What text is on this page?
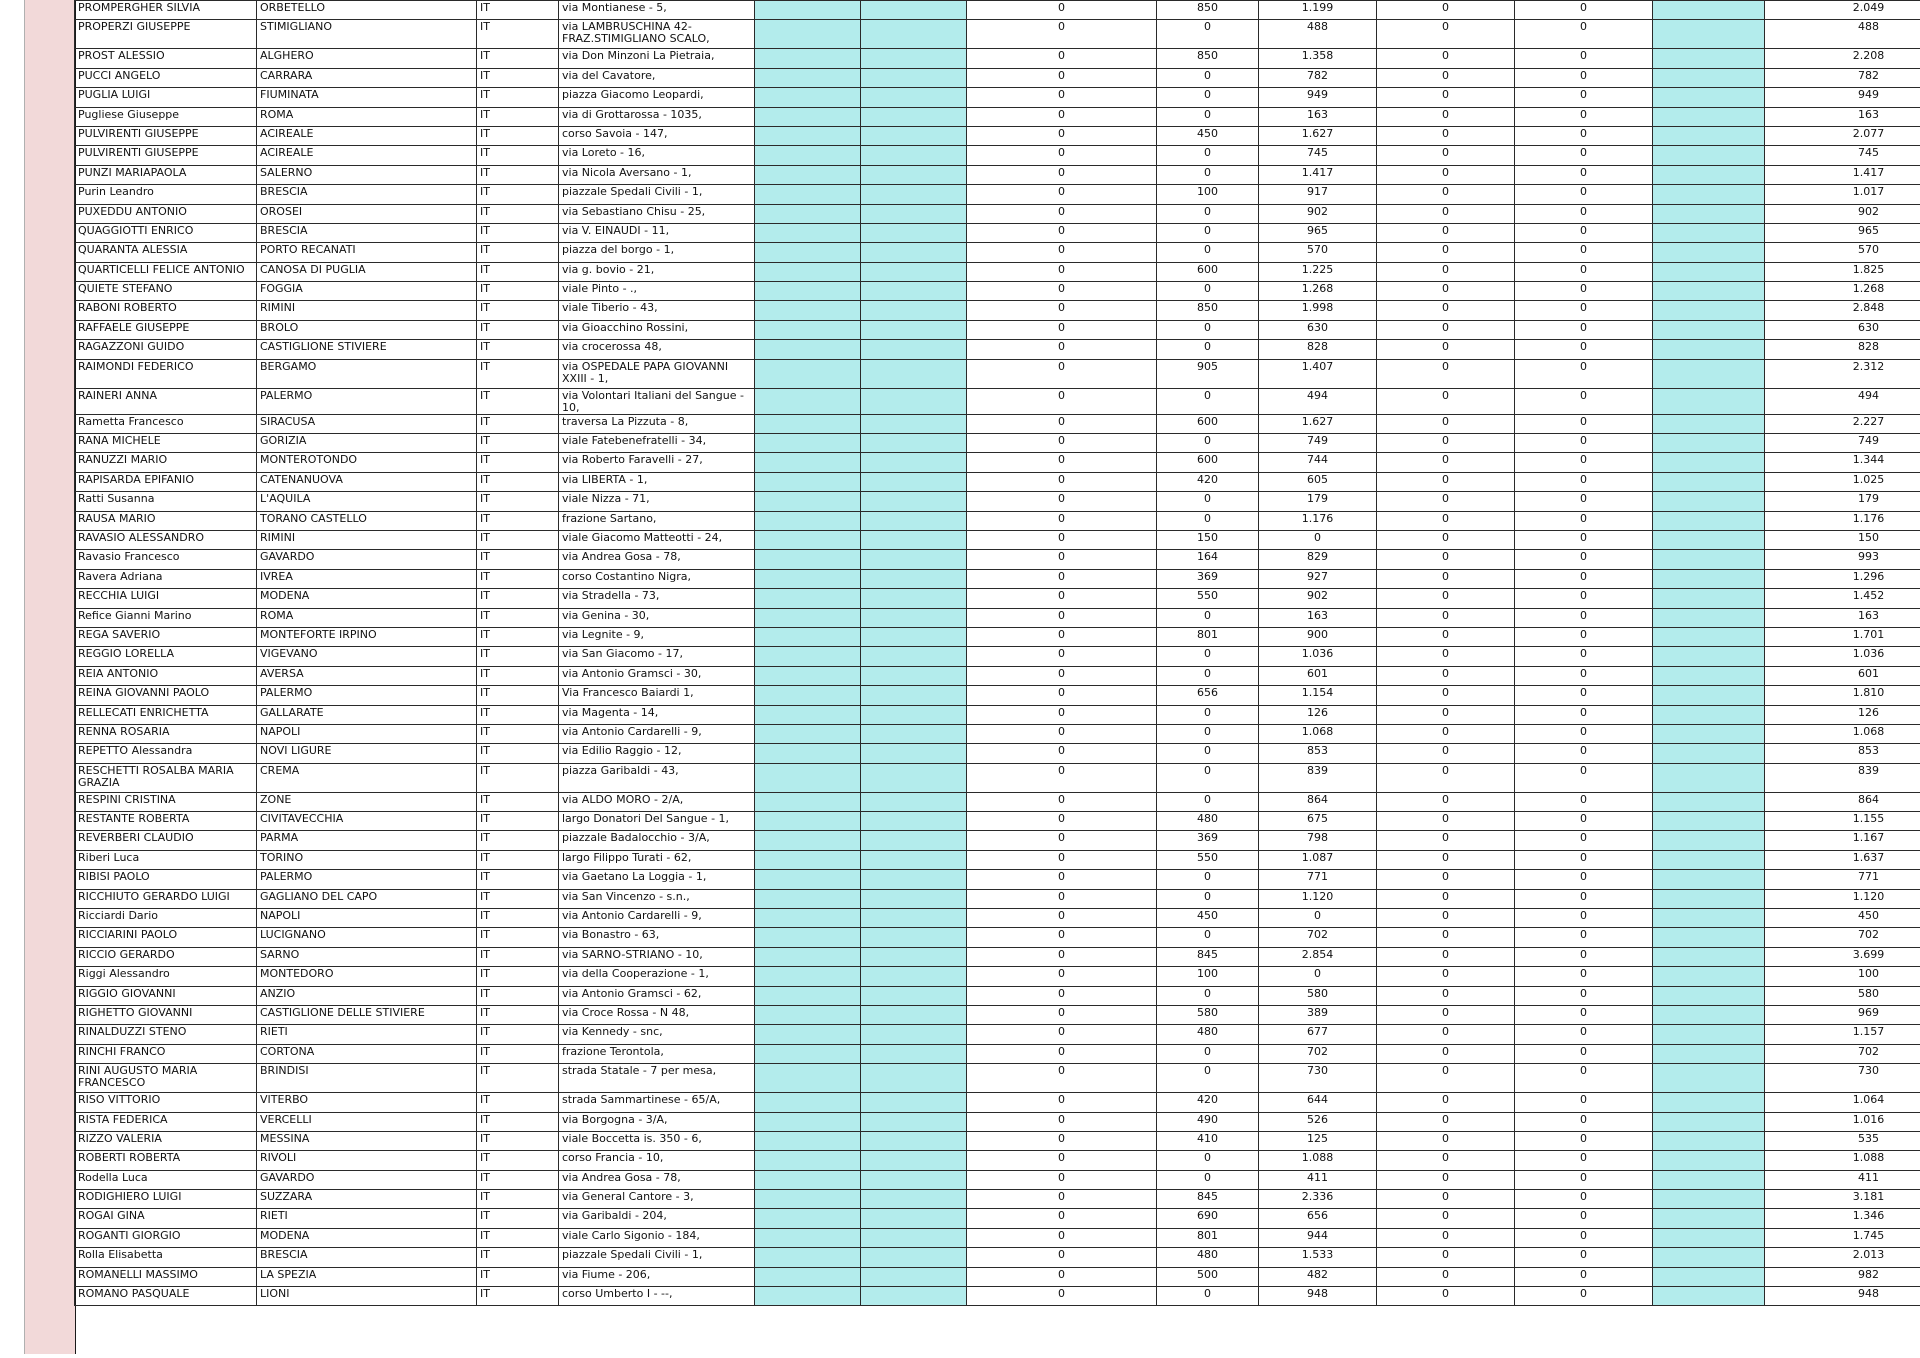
PROMPERGHER SILVIA	ORBETELLO	IT	via Montianese - 5,			0	850	1.199	0	0		2.049
PROPERZI GIUSEPPE	STIMIGLIANO	IT	via LAMBRUSCHINA 42- FRAZ.STIMIGLIANO SCALO,			0	0	488	0	0		488
PROST ALESSIO	ALGHERO	IT	via Don Minzoni La Pietraia,			0	850	1.358	0	0		2.208
PUCCI ANGELO	CARRARA	IT	via del Cavatore,			0	0	782	0	0		782
PUGLIA LUIGI	FIUMINATA	IT	piazza Giacomo Leopardi,			0	0	949	0	0		949
Pugliese Giuseppe	ROMA	IT	via di Grottarossa - 1035,			0	0	163	0	0		163
PULVIRENTI GIUSEPPE	ACIREALE	IT	corso Savoia - 147,			0	450	1.627	0	0		2.077
PULVIRENTI GIUSEPPE	ACIREALE	IT	via Loreto - 16,			0	0	745	0	0		745
PUNZI MARIAPAOLA	SALERNO	IT	via Nicola Aversano - 1,			0	0	1.417	0	0		1.417
Purin Leandro	BRESCIA	IT	piazzale Spedali Civili - 1,			0	100	917	0	0		1.017
PUXEDDU ANTONIO	OROSEI	IT	via Sebastiano Chisu - 25,			0	0	902	0	0		902
QUAGGIOTTI ENRICO	BRESCIA	IT	via V. EINAUDI - 11,			0	0	965	0	0		965
QUARANTA ALESSIA	PORTO RECANATI	IT	piazza del borgo - 1,			0	0	570	0	0		570
QUARTICELLI FELICE ANTONIO	CANOSA DI PUGLIA	IT	via g. bovio - 21,			0	600	1.225	0	0		1.825
QUIETE STEFANO	FOGGIA	IT	viale Pinto - .,			0	0	1.268	0	0		1.268
RABONI ROBERTO	RIMINI	IT	viale Tiberio - 43,			0	850	1.998	0	0		2.848
RAFFAELE GIUSEPPE	BROLO	IT	via Gioacchino Rossini,			0	0	630	0	0		630
RAGAZZONI GUIDO	CASTIGLIONE STIVIERE	IT	via crocerossa 48,			0	0	828	0	0		828
RAIMONDI FEDERICO	BERGAMO	IT	via OSPEDALE PAPA GIOVANNI XXIII - 1,			0	905	1.407	0	0		2.312
RAINERI ANNA	PALERMO	IT	via Volontari Italiani del Sangue - 10,			0	0	494	0	0		494
Rametta Francesco	SIRACUSA	IT	traversa La Pizzuta - 8,			0	600	1.627	0	0		2.227
RANA MICHELE	GORIZIA	IT	viale Fatebenefratelli - 34,			0	0	749	0	0		749
RANUZZI MARIO	MONTEROTONDO	IT	via Roberto Faravelli - 27,			0	600	744	0	0		1.344
RAPISARDA EPIFANIO	CATENANUOVA	IT	via LIBERTA - 1,			0	420	605	0	0		1.025
Ratti Susanna	L'AQUILA	IT	viale Nizza - 71,			0	0	179	0	0		179
RAUSA MARIO	TORANO CASTELLO	IT	frazione Sartano,			0	0	1.176	0	0		1.176
RAVASIO ALESSANDRO	RIMINI	IT	viale Giacomo Matteotti - 24,			0	150	0	0	0		150
Ravasio Francesco	GAVARDO	IT	via Andrea Gosa - 78,			0	164	829	0	0		993
Ravera Adriana	IVREA	IT	corso Costantino Nigra,			0	369	927	0	0		1.296
RECCHIA LUIGI	MODENA	IT	via Stradella - 73,			0	550	902	0	0		1.452
Refice Gianni Marino	ROMA	IT	via Genina - 30,			0	0	163	0	0		163
REGA SAVERIO	MONTEFORTE IRPINO	IT	via Legnite - 9,			0	801	900	0	0		1.701
REGGIO LORELLA	VIGEVANO	IT	via San Giacomo - 17,			0	0	1.036	0	0		1.036
REIA ANTONIO	AVERSA	IT	via Antonio Gramsci - 30,			0	0	601	0	0		601
REINA GIOVANNI PAOLO	PALERMO	IT	Via Francesco Baiardi 1,			0	656	1.154	0	0		1.810
RELLECATI ENRICHETTA	GALLARATE	IT	via Magenta - 14,			0	0	126	0	0		126
RENNA ROSARIA	NAPOLI	IT	via Antonio Cardarelli - 9,			0	0	1.068	0	0		1.068
REPETTO Alessandra	NOVI LIGURE	IT	via Edilio Raggio - 12,			0	0	853	0	0		853
RESCHETTI ROSALBA MARIA GRAZIA	CREMA	IT	piazza Garibaldi - 43,			0	0	839	0	0		839
RESPINI CRISTINA	ZONE	IT	via ALDO MORO - 2/A,			0	0	864	0	0		864
RESTANTE ROBERTA	CIVITAVECCHIA	IT	largo Donatori Del Sangue - 1,			0	480	675	0	0		1.155
REVERBERI CLAUDIO	PARMA	IT	piazzale Badalocchio - 3/A,			0	369	798	0	0		1.167
Riberi Luca	TORINO	IT	largo Filippo Turati - 62,			0	550	1.087	0	0		1.637
RIBISI PAOLO	PALERMO	IT	via Gaetano La Loggia - 1,			0	0	771	0	0		771
RICCHIUTO GERARDO LUIGI	GAGLIANO DEL CAPO	IT	via San Vincenzo - s.n.,			0	0	1.120	0	0		1.120
Ricciardi Dario	NAPOLI	IT	via Antonio Cardarelli - 9,			0	450	0	0	0		450
RICCIARINI PAOLO	LUCIGNANO	IT	via Bonastro - 63,			0	0	702	0	0		702
RICCIO GERARDO	SARNO	IT	via SARNO-STRIANO - 10,			0	845	2.854	0	0		3.699
Riggi Alessandro	MONTEDORO	IT	via della Cooperazione - 1,			0	100	0	0	0		100
RIGGIO GIOVANNI	ANZIO	IT	via Antonio Gramsci - 62,			0	0	580	0	0		580
RIGHETTO GIOVANNI	CASTIGLIONE DELLE STIVIERE	IT	via Croce Rossa - N 48,			0	580	389	0	0		969
RINALDUZZI STENO	RIETI	IT	via Kennedy - snc,			0	480	677	0	0		1.157
RINCHI FRANCO	CORTONA	IT	frazione Terontola,			0	0	702	0	0		702
RINI AUGUSTO MARIA FRANCESCO	BRINDISI	IT	strada Statale - 7 per mesa,			0	0	730	0	0		730
RISO VITTORIO	VITERBO	IT	strada Sammartinese - 65/A,			0	420	644	0	0		1.064
RISTA FEDERICA	VERCELLI	IT	via Borgogna - 3/A,			0	490	526	0	0		1.016
RIZZO VALERIA	MESSINA	IT	viale Boccetta is. 350 - 6,			0	410	125	0	0		535
ROBERTI ROBERTA	RIVOLI	IT	corso Francia - 10,			0	0	1.088	0	0		1.088
Rodella Luca	GAVARDO	IT	via Andrea Gosa - 78,			0	0	411	0	0		411
RODIGHIERO LUIGI	SUZZARA	IT	via General Cantore - 3,			0	845	2.336	0	0		3.181
ROGAI GINA	RIETI	IT	via Garibaldi - 204,			0	690	656	0	0		1.346
ROGANTI GIORGIO	MODENA	IT	viale Carlo Sigonio - 184,			0	801	944	0	0		1.745
Rolla Elisabetta	BRESCIA	IT	piazzale Spedali Civili - 1,			0	480	1.533	0	0		2.013
ROMANELLI MASSIMO	LA SPEZIA	IT	via Fiume - 206,			0	500	482	0	0		982
ROMANO PASQUALE	LIONI	IT	corso Umberto I - --,			0	0	948	0	0		948
